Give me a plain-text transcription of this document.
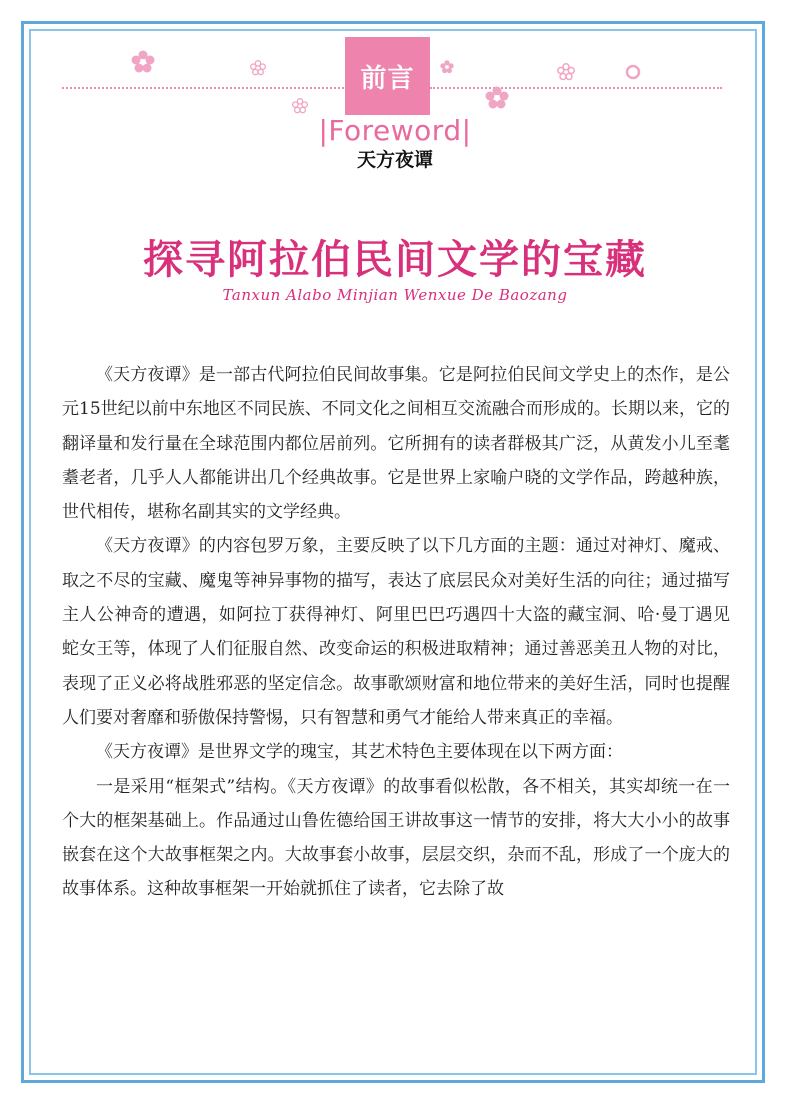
前言
|Foreword|
天方夜谭
探寻阿拉伯民间文学的宝藏
Tanxun Alabo Minjian Wenxue De Baozang

《天方夜谭》是一部古代阿拉伯民间故事集。它是阿拉伯民间文学史上的杰作，是公元15世纪以前中东地区不同民族、不同文化之间相互交流融合而形成的。长期以来，它的翻译量和发行量在全球范围内都位居前列。它所拥有的读者群极其广泛，从黄发小儿至耄耋老者，几乎人人都能讲出几个经典故事。它是世界上家喻户晓的文学作品，跨越种族，世代相传，堪称名副其实的文学经典。

《天方夜谭》的内容包罗万象，主要反映了以下几方面的主题：通过对神灯、魔戒、取之不尽的宝藏、魔鬼等神异事物的描写，表达了底层民众对美好生活的向往；通过描写主人公神奇的遭遇，如阿拉丁获得神灯、阿里巴巴巧遇四十大盗的藏宝洞、哈·曼丁遇见蛇女王等，体现了人们征服自然、改变命运的积极进取精神；通过善恶美丑人物的对比，表现了正义必将战胜邪恶的坚定信念。故事歌颂财富和地位带来的美好生活，同时也提醒人们要对奢靡和骄傲保持警惕，只有智慧和勇气才能给人带来真正的幸福。

《天方夜谭》是世界文学的瑰宝，其艺术特色主要体现在以下两方面：

一是采用“框架式”结构。《天方夜谭》的故事看似松散，各不相关，其实却统一在一个大的框架基础上。作品通过山鲁佐德给国王讲故事这一情节的安排，将大大小小的故事嵌套在这个大故事框架之内。大故事套小故事，层层交织，杂而不乱，形成了一个庞大的故事体系。这种故事框架一开始就抓住了读者，它去除了故
